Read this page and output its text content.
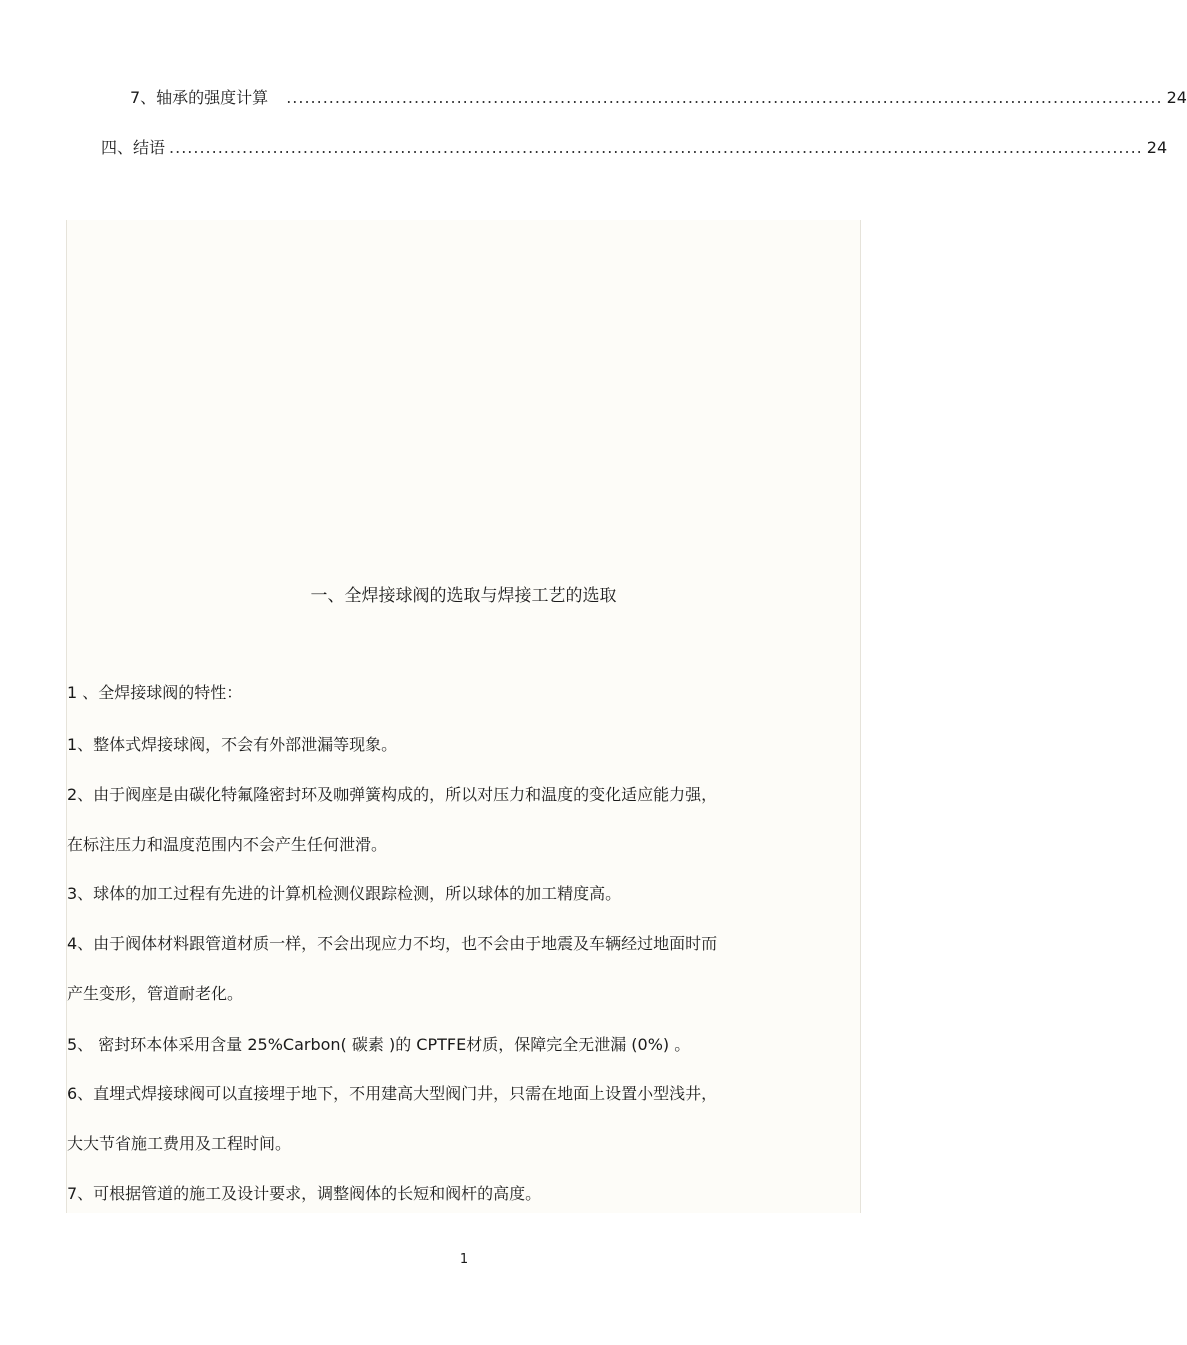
7、轴承的强度计算 ................................................................................................................................................ 24
四、结语 ................................................................................................................................................................ 24
一、全焊接球阀的选取与焊接工艺的选取
1 、全焊接球阀的特性：
1、整体式焊接球阀，不会有外部泄漏等现象。
2、由于阀座是由碳化特氟隆密封环及咖弹簧构成的，所以对压力和温度的变化适应能力强，
在标注压力和温度范围内不会产生任何泄滑。
3、球体的加工过程有先进的计算机检测仪跟踪检测，所以球体的加工精度高。
4、由于阀体材料跟管道材质一样，不会出现应力不均，也不会由于地震及车辆经过地面时而
产生变形，管道耐老化。
5、 密封环本体采用含量 25%Carbon( 碳素 )的 CPTFE材质，保障完全无泄漏 (0%) 。
6、直埋式焊接球阀可以直接埋于地下，不用建高大型阀门井，只需在地面上设置小型浅井，
大大节省施工费用及工程时间。
7、可根据管道的施工及设计要求，调整阀体的长短和阀杆的高度。
1
